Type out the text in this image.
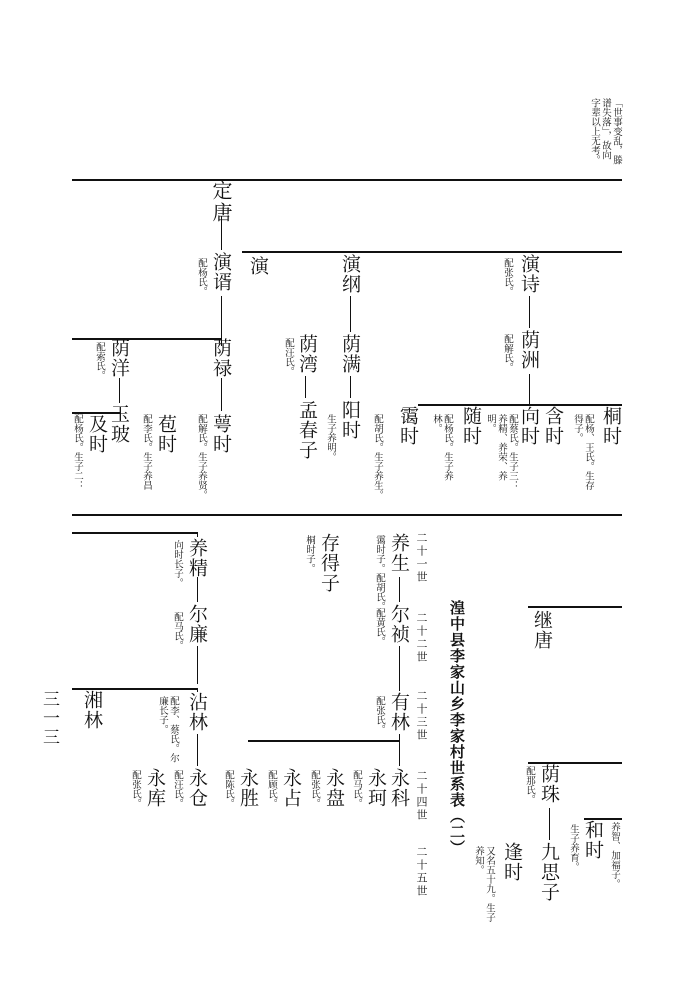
「世事变乱，滕
谱失落」，故向
字辈以上无考。
定唐
演谞
配杨氏。 演	演纲	演诗
配张氏。
荫禄
荫洋
配索氏。	荫满
荫湾
配汪氏。	荫洲
配解氏。
及时
配杨氏。生子二： 玉玻 苞时
配李氏。生子养昌	萼时
配解氏。生子养贤。	孟春子 阳时
生子养明。	霭时
配胡氏。生子养生。	随时
配杨氏。生子养林。	向时
配蔡氏。生子三：养精、养荣、养明。	含时 桐时
配杨、王氏。生存得子。
存得子
桐时子。	养生
霭时子。配胡氏。
尔祯
配黄氏。
有林
配张氏。
养精
向时长子。
尔廉
配马氏。
沾林
配李、蔡氏。尔廉长子。
永仓
配汪氏。
永库
配张氏。
湘林
永胜
配陈氏。 永占
配顾氏。 永盘
配张氏。 永珂
配马氏。 永科
二十一世
二十二世
二十三世
二十四世
二十五世
湟中县李家山乡李家村世系表（二）	继唐
荫珠
配那氏。
九思子
逢时
又名五十九。生子养知。
和时
生子养育。	养智、加福子。
三一三
